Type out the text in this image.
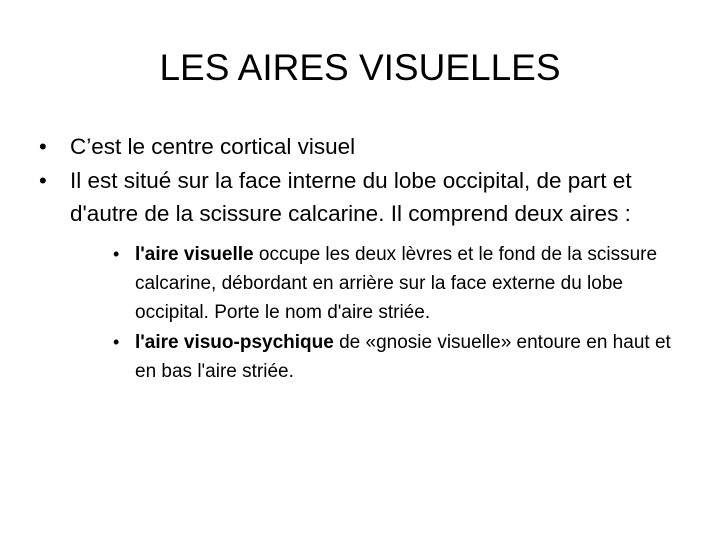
LES AIRES VISUELLES
• C’est le centre cortical visuel
• Il est situé sur la face interne du lobe occipital, de part et d'autre de la scissure calcarine. Il comprend deux aires :
• l'aire visuelle occupe les deux lèvres et le fond de la scissure calcarine, débordant en arrière sur la face externe du lobe occipital. Porte le nom d'aire striée.
• l'aire visuo-psychique de «gnosie visuelle» entoure en haut et en bas l'aire striée.
